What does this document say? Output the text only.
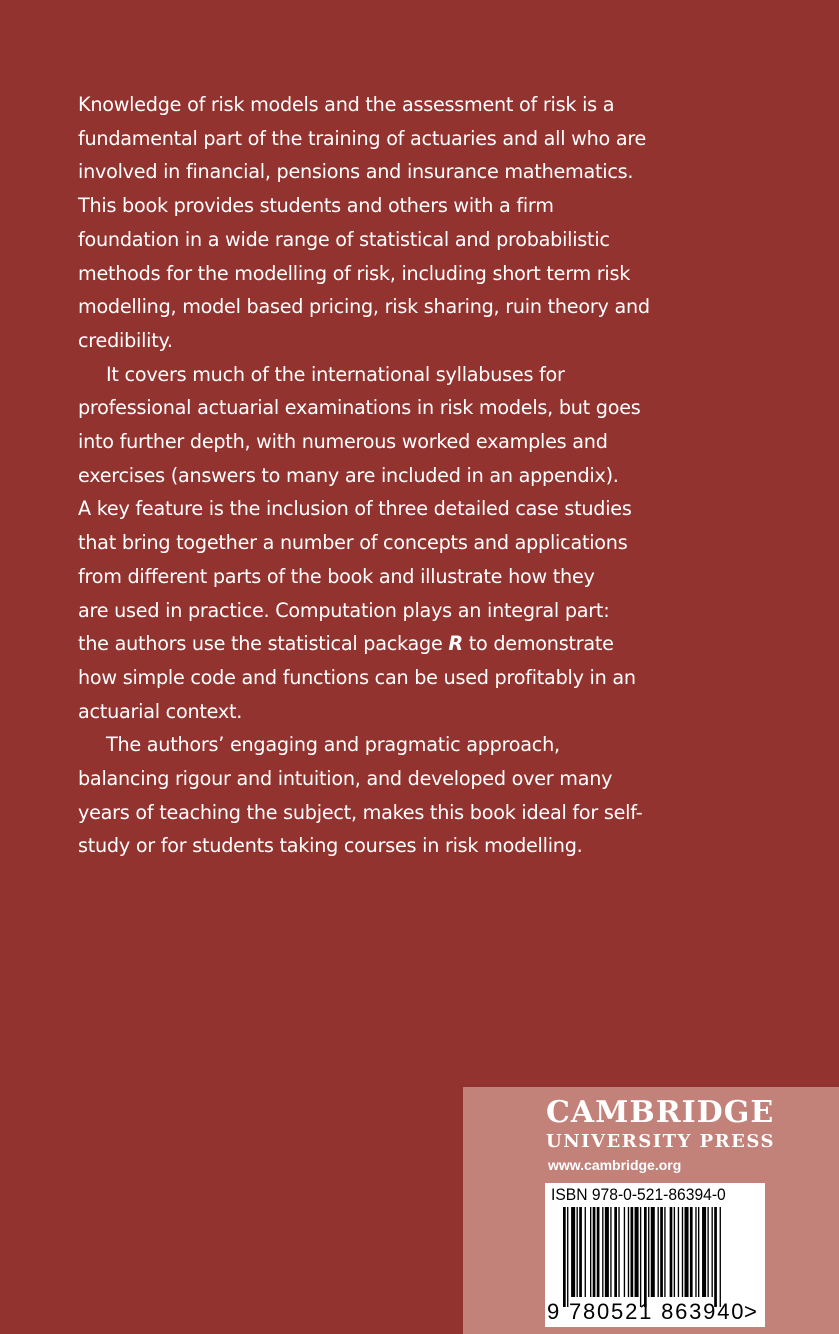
Knowledge of risk models and the assessment of risk is a
fundamental part of the training of actuaries and all who are
involved in financial, pensions and insurance mathematics.
This book provides students and others with a firm
foundation in a wide range of statistical and probabilistic
methods for the modelling of risk, including short term risk
modelling, model based pricing, risk sharing, ruin theory and
credibility.

It covers much of the international syllabuses for
professional actuarial examinations in risk models, but goes
into further depth, with numerous worked examples and
exercises (answers to many are included in an appendix).
A key feature is the inclusion of three detailed case studies
that bring together a number of concepts and applications
from different parts of the book and illustrate how they
are used in practice. Computation plays an integral part:
the authors use the statistical package R to demonstrate
how simple code and functions can be used profitably in an
actuarial context.

The authors’ engaging and pragmatic approach,
balancing rigour and intuition, and developed over many
years of teaching the subject, makes this book ideal for self-
study or for students taking courses in risk modelling.

CAMBRIDGE
UNIVERSITY PRESS
www.cambridge.org
ISBN 978-0-521-86394-0
9 780521 863940
>
